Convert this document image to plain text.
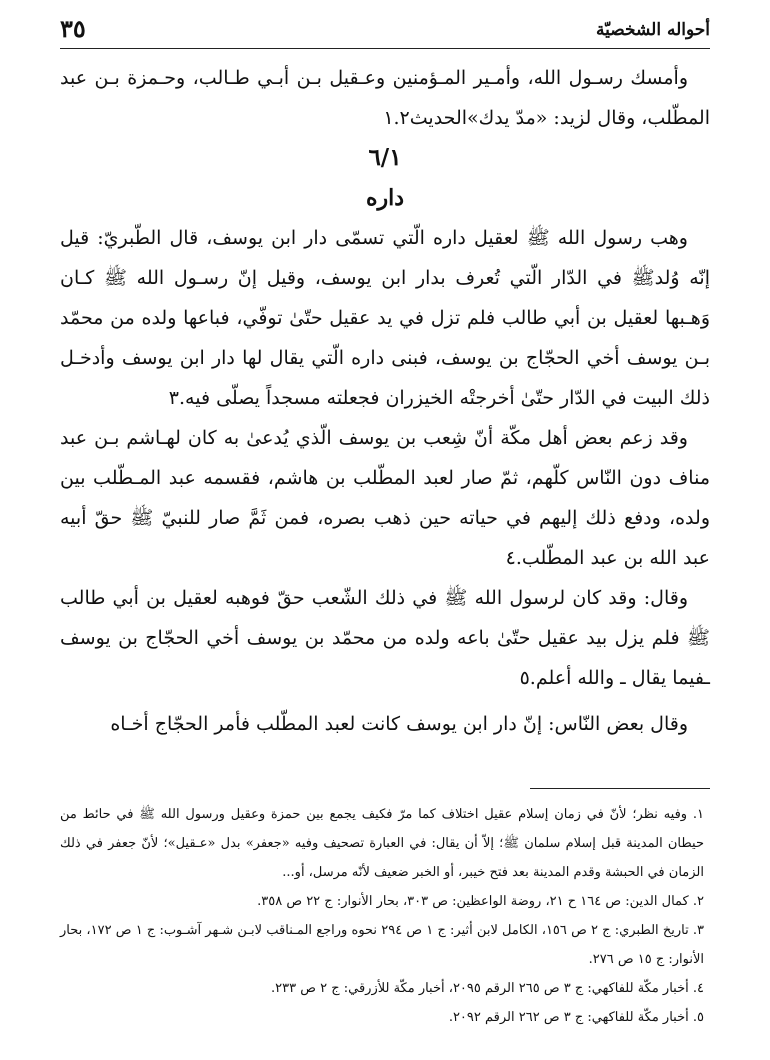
أحواله الشخصيّة
٣٥

وأمسك رسـول الله، وأمـير المـؤمنين وعـقيل بـن أبـي طـالب، وحـمزة بـن عبد المطّلب، وقال لزيد: «مدّ يدك»الحديث١.٢

٦/١

داره

وهب رسول الله ﷺ لعقيل داره الّتي تسمّى دار ابن يوسف، قال الطّبريّ: قيل إنّه وُلدﷺ في الدّار الّتي تُعرف بدار ابن يوسف، وقيل إنّ رسـول الله ﷺ كـان وَهـبها لعقيل بن أبي طالب فلم تزل في يد عقيل حتّىٰ توفّي، فباعها ولده من محمّد بـن يوسف أخي الحجّاج بن يوسف، فبنى داره الّتي يقال لها دار ابن يوسف وأدخـل ذلك البيت في الدّار حتّىٰ أخرجتْه الخيزران فجعلته مسجداً يصلّى فيه.٣

وقد زعم بعض أهل مكّة أنّ شِعب بن يوسف الّذي يُدعىٰ به كان لهـاشم بـن عبد مناف دون النّاس كلّهم، ثمّ صار لعبد المطّلب بن هاشم، فقسمه عبد المـطّلب بين ولده، ودفع ذلك إليهم في حياته حين ذهب بصره، فمن ثَمَّ صار للنبيّ ﷺ حقّ أبيه عبد الله بن عبد المطّلب.٤

وقال: وقد كان لرسول الله ﷺ في ذلك الشّعب حقّ فوهبه لعقيل بن أبي طالب ﷺ فلم يزل بيد عقيل حتّىٰ باعه ولده من محمّد بن يوسف أخي الحجّاج بن يوسف ـفيما يقال ـ والله أعلم.٥

وقال بعض النّاس: إنّ دار ابن يوسف كانت لعبد المطّلب فأمر الحجّاج أخـاه

١. وفيه نظر؛ لأنّ في زمان إسلام عقيل اختلاف كما مرّ فكيف يجمع بين حمزة وعقيل ورسول الله ﷺ في حائط من حيطان المدينة قبل إسلام سلمان ﷺ؛ إلاّ أن يقال: في العبارة تصحيف وفيه «جعفر» بدل «عـقيل»؛ لأنّ جعفر في ذلك الزمان في الحبشة وقدم المدينة بعد فتح خيبر، أو الخبر ضعيف لأنّه مرسل، أو...

٢. كمال الدين: ص ١٦٤ ح ٢١، روضة الواعظين: ص ٣٠٣، بحار الأنوار: ج ٢٢ ص ٣٥٨.

٣. تاريخ الطبري: ج ٢ ص ١٥٦، الكامل لابن أثير: ج ١ ص ٢٩٤ نحوه وراجع المـناقب لابـن شـهر آشـوب: ج ١ ص ١٧٢، بحار الأنوار: ج ١٥ ص ٢٧٦.

٤. أخبار مكّة للفاكهي: ج ٣ ص ٢٦٥ الرقم ٢٠٩٥، أخبار مكّة للأزرقي: ج ٢ ص ٢٣٣.

٥. أخبار مكّة للفاكهي: ج ٣ ص ٢٦٢ الرقم ٢٠٩٢.
